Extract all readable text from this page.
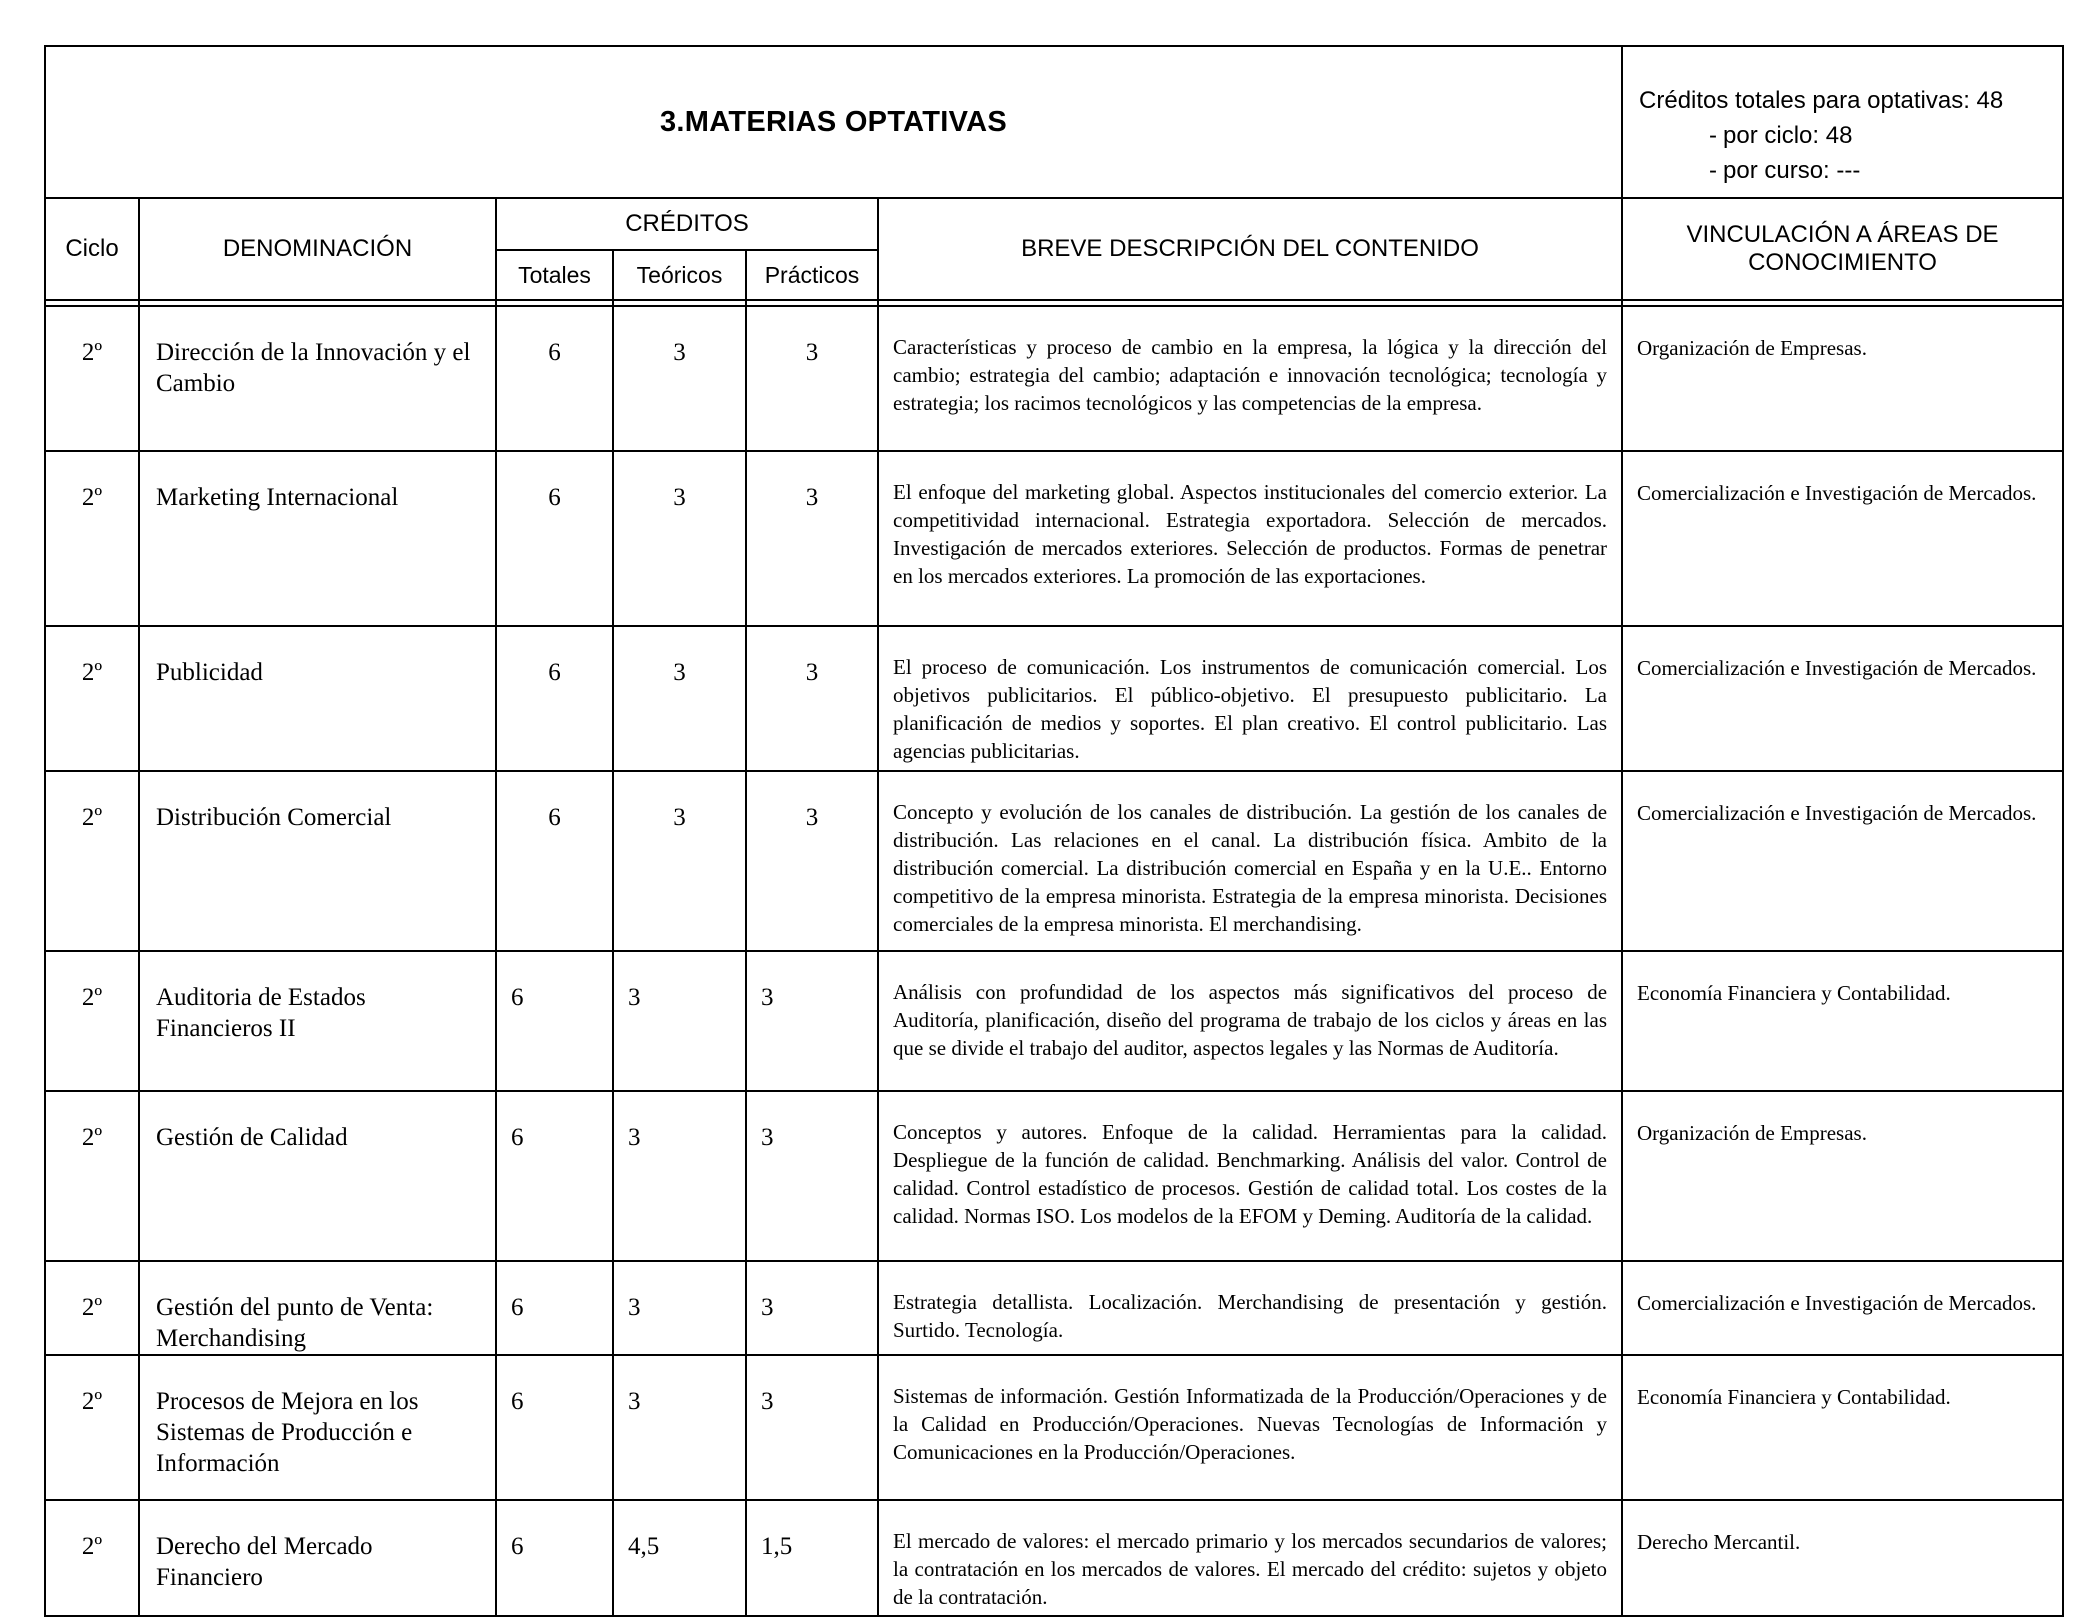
3.MATERIAS OPTATIVAS						Créditos totales para optativas: 48
- por ciclo: 48
- por curso: ---

Ciclo	DENOMINACIÓN	CRÉDITOS			BREVE DESCRIPCIÓN DEL CONTENIDO	VINCULACIÓN A ÁREAS DE CONOCIMIENTO
		Totales	Teóricos	Prácticos		

2º	Dirección de la Innovación y el Cambio	6	3	3	Características y proceso de cambio en la empresa, la lógica y la dirección del cambio; estrategia del cambio; adaptación e innovación tecnológica; tecnología y estrategia; los racimos tecnológicos y las competencias de la empresa.	Organización de Empresas.
2º	Marketing Internacional	6	3	3	El enfoque del marketing global. Aspectos institucionales del comercio exterior. La competitividad internacional. Estrategia exportadora. Selección de mercados. Investigación de mercados exteriores. Selección de productos. Formas de penetrar en los mercados exteriores. La promoción de las exportaciones.	Comercialización e Investigación de Mercados.
2º	Publicidad	6	3	3	El proceso de comunicación. Los instrumentos de comunicación comercial. Los objetivos publicitarios. El público-objetivo. El presupuesto publicitario. La planificación de medios y soportes. El plan creativo. El control publicitario. Las agencias publicitarias.	Comercialización e Investigación de Mercados.
2º	Distribución Comercial	6	3	3	Concepto y evolución de los canales de distribución. La gestión de los canales de distribución. Las relaciones en el canal. La distribución física. Ambito de la distribución comercial. La distribución comercial en España y en la U.E.. Entorno competitivo de la empresa minorista. Estrategia de la empresa minorista. Decisiones comerciales de la empresa minorista. El merchandising.	Comercialización e Investigación de Mercados.
2º	Auditoria de Estados Financieros II	6	3	3	Análisis con profundidad de los aspectos más significativos del proceso de Auditoría, planificación, diseño del programa de trabajo de los ciclos y áreas en las que se divide el trabajo del auditor, aspectos legales y las Normas de Auditoría.	Economía Financiera y Contabilidad.
2º	Gestión de Calidad	6	3	3	Conceptos y autores. Enfoque de la calidad. Herramientas para la calidad. Despliegue de la función de calidad. Benchmarking. Análisis del valor. Control de calidad. Control estadístico de procesos. Gestión de calidad total. Los costes de la calidad. Normas ISO. Los modelos de la EFOM y Deming. Auditoría de la calidad.	Organización de Empresas.
2º	Gestión del punto de Venta: Merchandising	6	3	3	Estrategia detallista. Localización. Merchandising de presentación y gestión. Surtido. Tecnología.	Comercialización e Investigación de Mercados.
2º	Procesos de Mejora en los Sistemas de Producción e Información	6	3	3	Sistemas de información. Gestión Informatizada de la Producción/Operaciones y de la Calidad en Producción/Operaciones. Nuevas Tecnologías de Información y Comunicaciones en la Producción/Operaciones.	Economía Financiera y Contabilidad.
2º	Derecho del Mercado Financiero	6	4,5	1,5	El mercado de valores: el mercado primario y los mercados secundarios de valores; la contratación en los mercados de valores. El mercado del crédito: sujetos y objeto de la contratación.	Derecho Mercantil.
